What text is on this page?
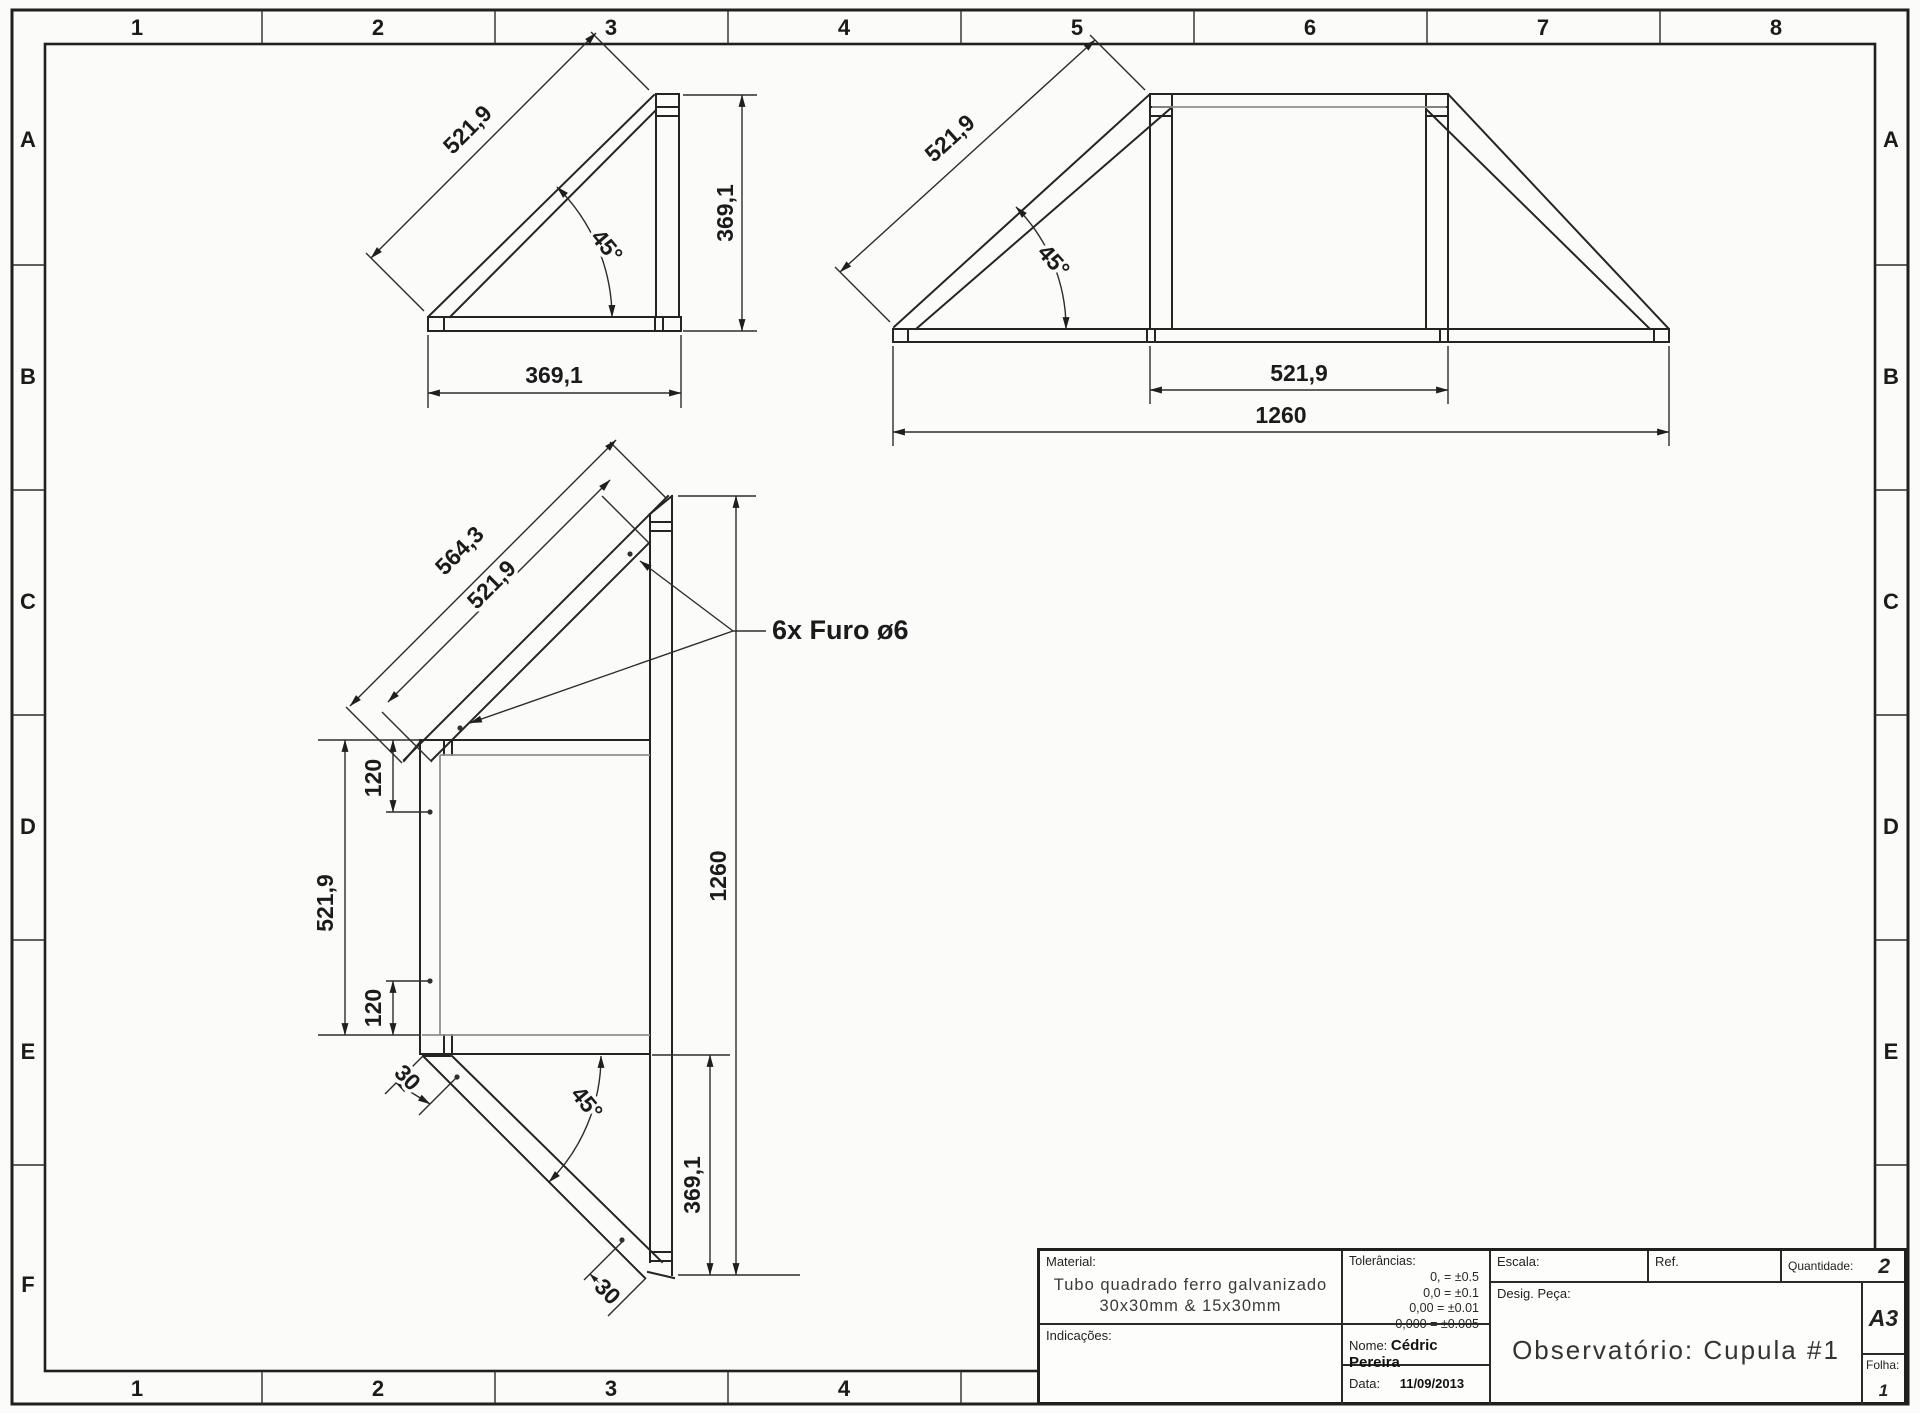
1	2	3	4	5	6	7	8
1	2	3	4
A
B
C
D
E
F
A
B
C
D
E
521,9
369,1
369,1
45°
521,9
45°
521,9
1260
564,3
521,9
6x Furo ø6
120
521,9
120
1260
369,1
45°
30
30
Material:
Tubo quadrado ferro galvanizado
30x30mm & 15x30mm
Indicações:
Tolerâncias:
0, = ±0.5
0,0 = ±0.1
0,00 = ±0.01
0,000 = ±0.005
Nome: Cédric Pereira
Data: 11/09/2013
Escala:	Ref.	Quantidade:	2
Desig. Peça:
Observatório: Cupula #1
A3
Folha:
1
